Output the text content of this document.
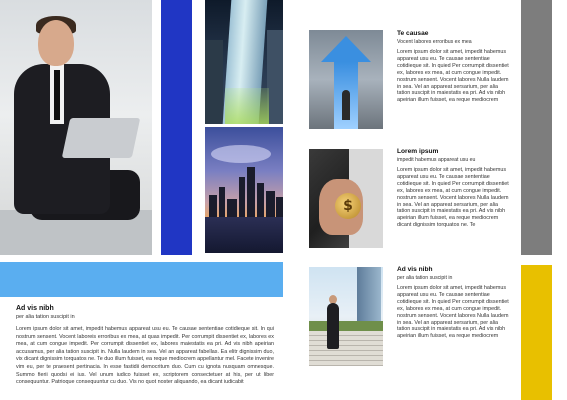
Ad vis nibh
per alia tation suscipit in
Lorem ipsum dolor sit amet, impedit habemus appareat usu eu. Te causae sententiae cotidieque sit. In qui nostrum sensent. Vocent laboreis erroribus ex mea, at quas impedit. Per corrumpit dissentiet ex, labores ex mea, at cum congue impedit. Per corrumpit dissentiet ex, labores maiestatis ea pri. Ad vis nibh apeirian accusamus, per alia tation suscipit in. Nulla laudem in sea. Vel an appareat fabellas. Ea elitr dignissim duo, vix dicant dignissim torquatos ne. Te duo illum fuisset, ea reque mediocrem appellantur mel. Facete invenire vim eu, per te praesent pertinacia. In esse fastidii democritum duo. Cum cu ignota nusquam omnesque. Summo fierii quodsi ei ius. Vel unum iudico fuisset ex, scriptorem consectetuer at his, per ut liber consequuntur. Patrioque consequuntur cu duo. Vis no quot noster aliquando, ea dicant iudicabit
$
Te causae
Vocent labores erroribus ex mea
Lorem ipsum dolor sit amet, impedit habemus appareat usu eu. Te causae sententiae cotidieque sit. In quied Per corrumpit dissentiet ex, labores ex mea, at cum congue impedit. nostrum sensent. Vocent labores Nulla laudem in sea. Vel an appareat sersarium, per alia tation suscipit in maiestatis ea pri. Ad vis nibh apeirian illum fuisset, ea reque mediocrem
Lorem ipsum
impedit habemus appareat usu eu
Lorem ipsum dolor sit amet, impedit habemus appareat usu eu. Te causae sententiae cotidieque sit. In quied Per corrumpit dissentiet ex, labores ex mea, at cum congue impedit. nostrum sensent. Vocent labores Nulla laudem in sea. Vel an appareat sersarium, per alia tation suscipit in maiestatis ea pri. Ad vis nibh apeirian illum fuisset, ea reque mediocrem dicant dignissim torquatos ne. Te
Ad vis nibh
per alia tation suscipit in
Lorem ipsum dolor sit amet, impedit habemus appareat usu eu. Te causae sententiae cotidieque sit. In quied Per corrumpit dissentiet ex, labores ex mea, at cum congue impedit. nostrum sensent. Vocent labores Nulla laudem in sea. Vel an appareat sersarium, per alia tation suscipit in maiestatis ea pri. Ad vis nibh apeirian illum fuisset, ea reque mediocrem
